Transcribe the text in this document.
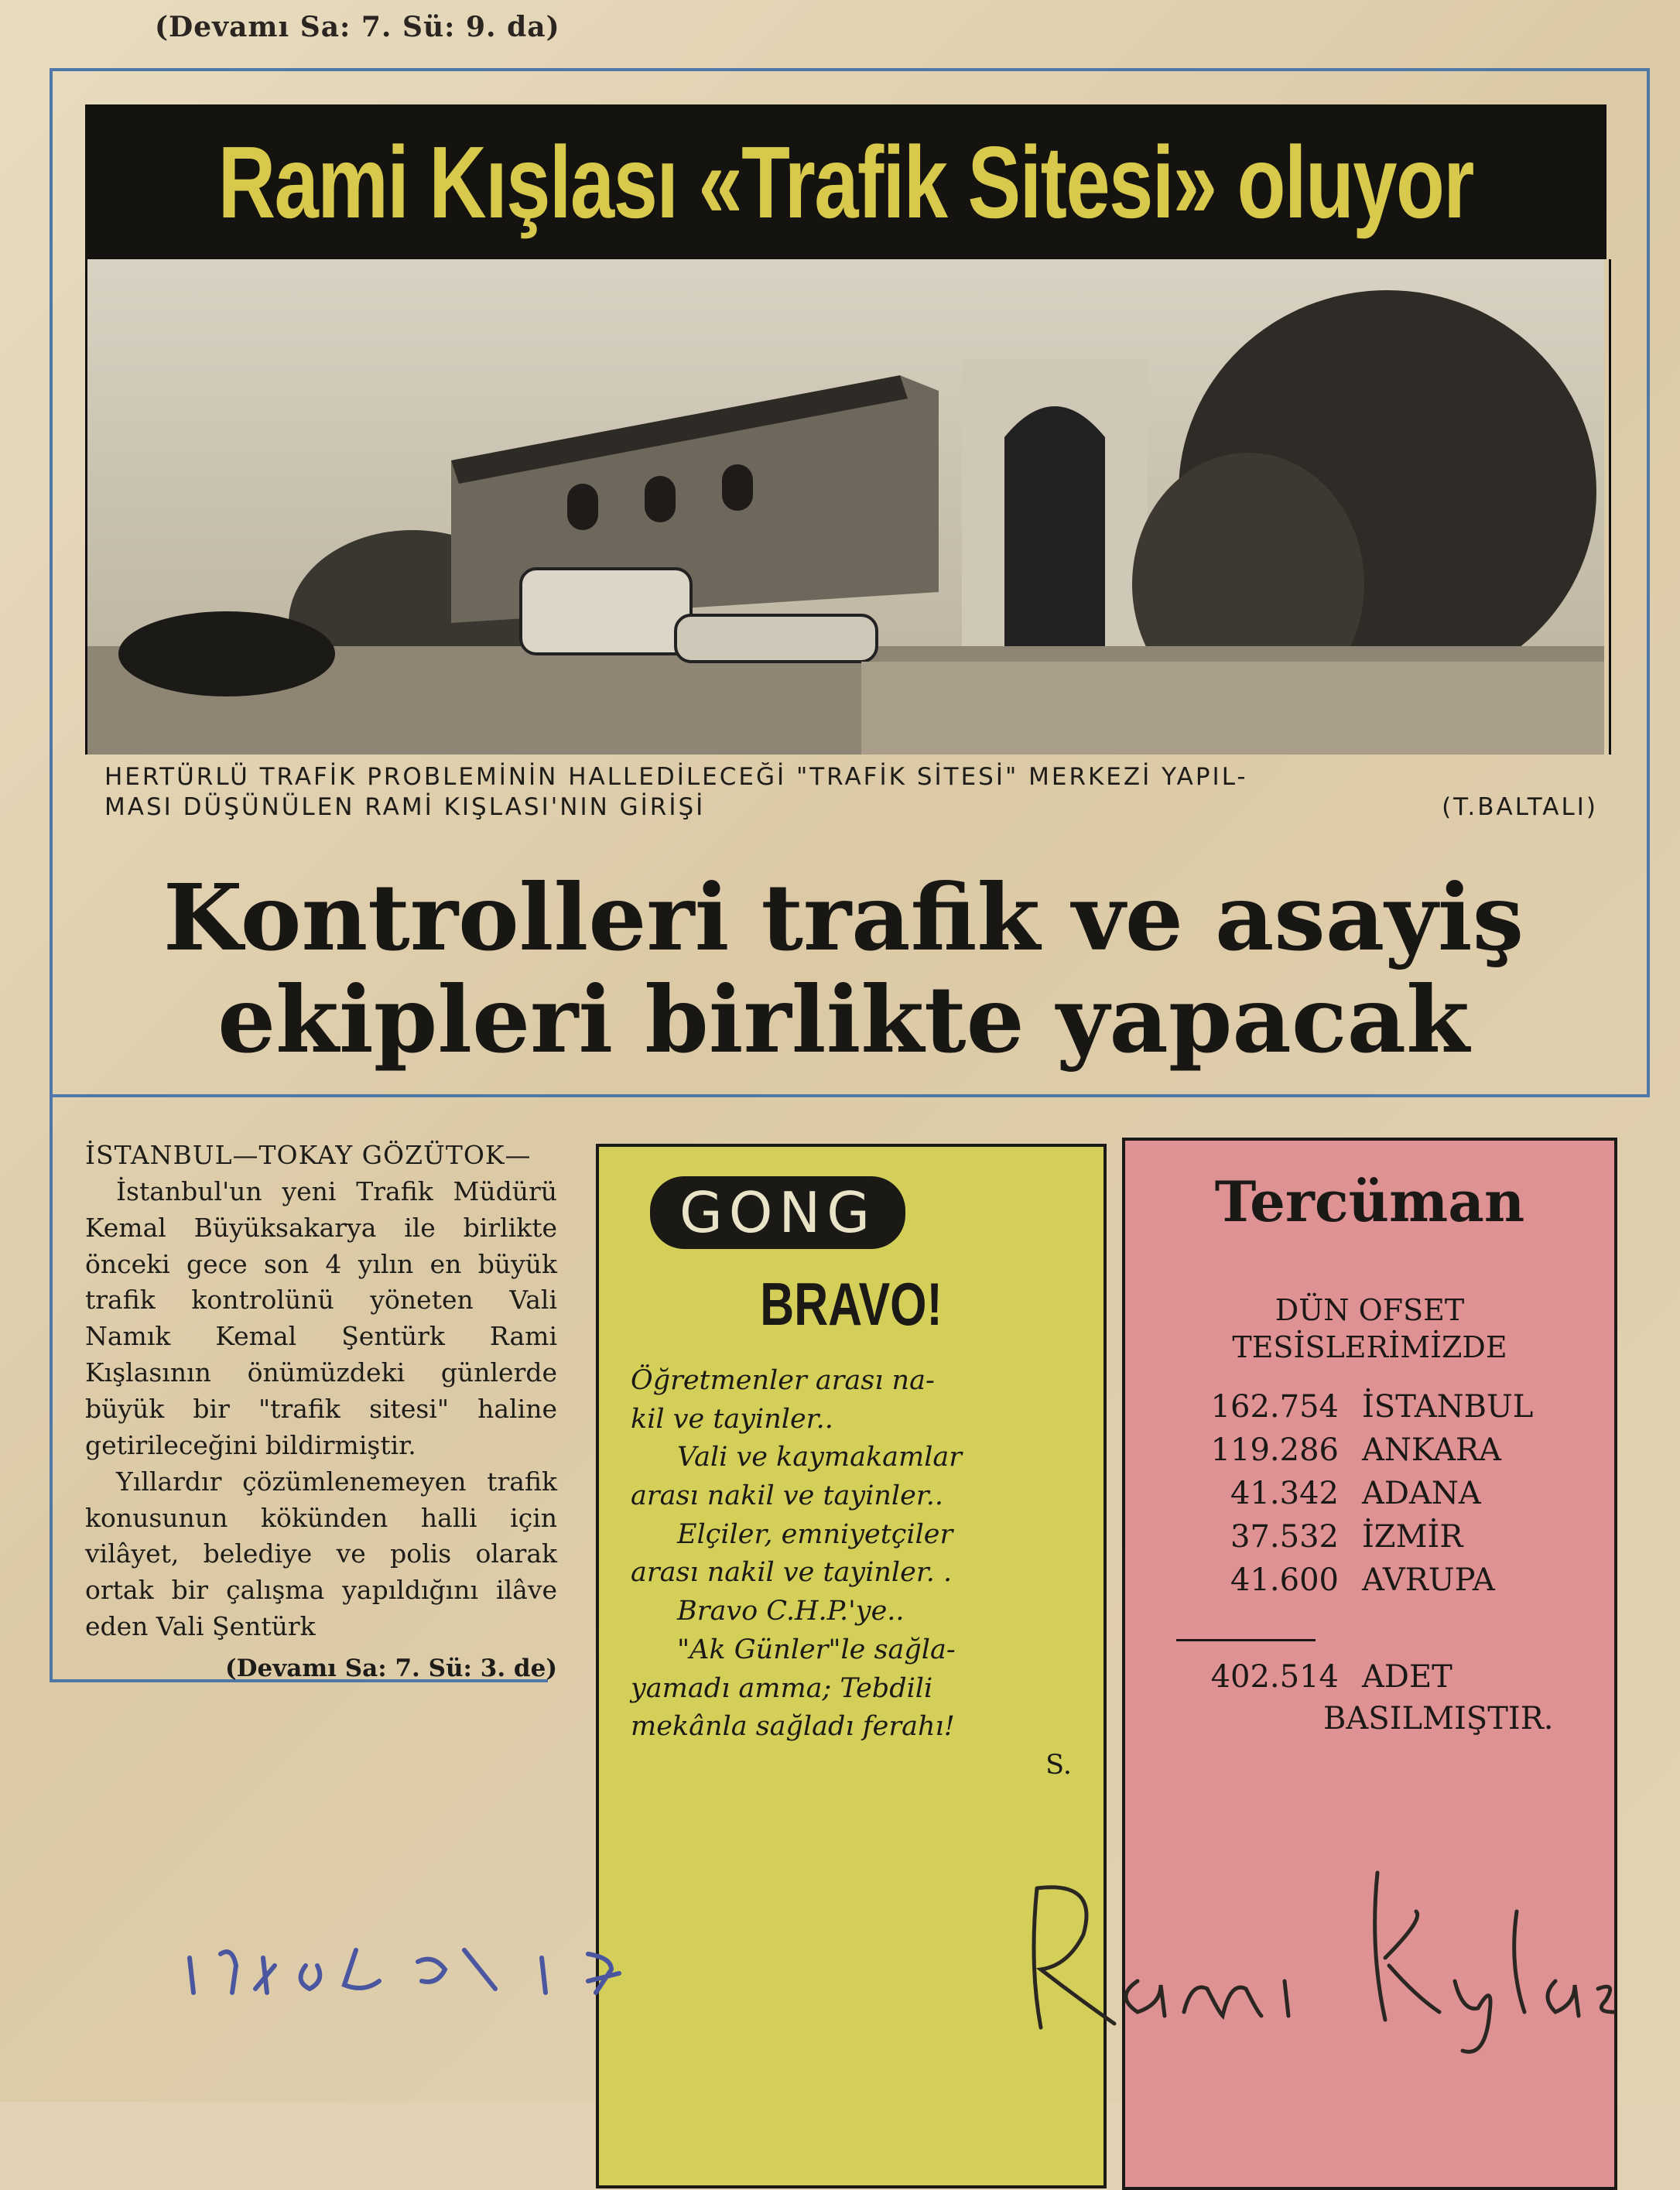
(Devamı Sa: 7. Sü: 9. da)
Rami Kışlası «Trafik Sitesi» oluyor
HERTÜRLÜ TRAFİK PROBLEMİNİN HALLEDİLECEĞİ "TRAFİK SİTESİ" MERKEZİ YAPIL-
MASI DÜŞÜNÜLEN RAMİ KIŞLASI'NIN GİRİŞİ	(T.BALTALI)
Kontrolleri trafik ve asayiş
ekipleri birlikte yapacak
İSTANBUL—TOKAY GÖZÜTOK—

İstanbul'un yeni Trafik Müdürü Kemal Büyüksakarya ile birlikte önceki gece son 4 yılın en büyük trafik kontrolünü yöneten Vali Namık Kemal Şentürk Rami Kışlasının önümüzdeki günlerde büyük bir "trafik sitesi" haline getirileceğini bildirmiştir.

Yıllardır çözümlenemeyen trafik konusunun kökünden halli için vilâyet, belediye ve polis olarak ortak bir çalışma yapıldığını ilâve eden Vali Şentürk

(Devamı Sa: 7. Sü: 3. de)
GONG
BRAVO!
Öğretmenler arası na-
kil ve tayinler..
Vali ve kaymakamlar
arası nakil ve tayinler..
Elçiler, emniyetçiler
arası nakil ve tayinler. .
Bravo C.H.P.'ye..
"Ak Günler"le sağla-
yamadı amma; Tebdili
mekânla sağladı ferahı!
S.
Tercüman
DÜN OFSET
TESİSLERİMİZDE
162.754 İSTANBUL
119.286 ANKARA
41.342 ADANA
37.532 İZMİR
41.600 AVRUPA
402.514 ADET
BASILMIŞTIR.
